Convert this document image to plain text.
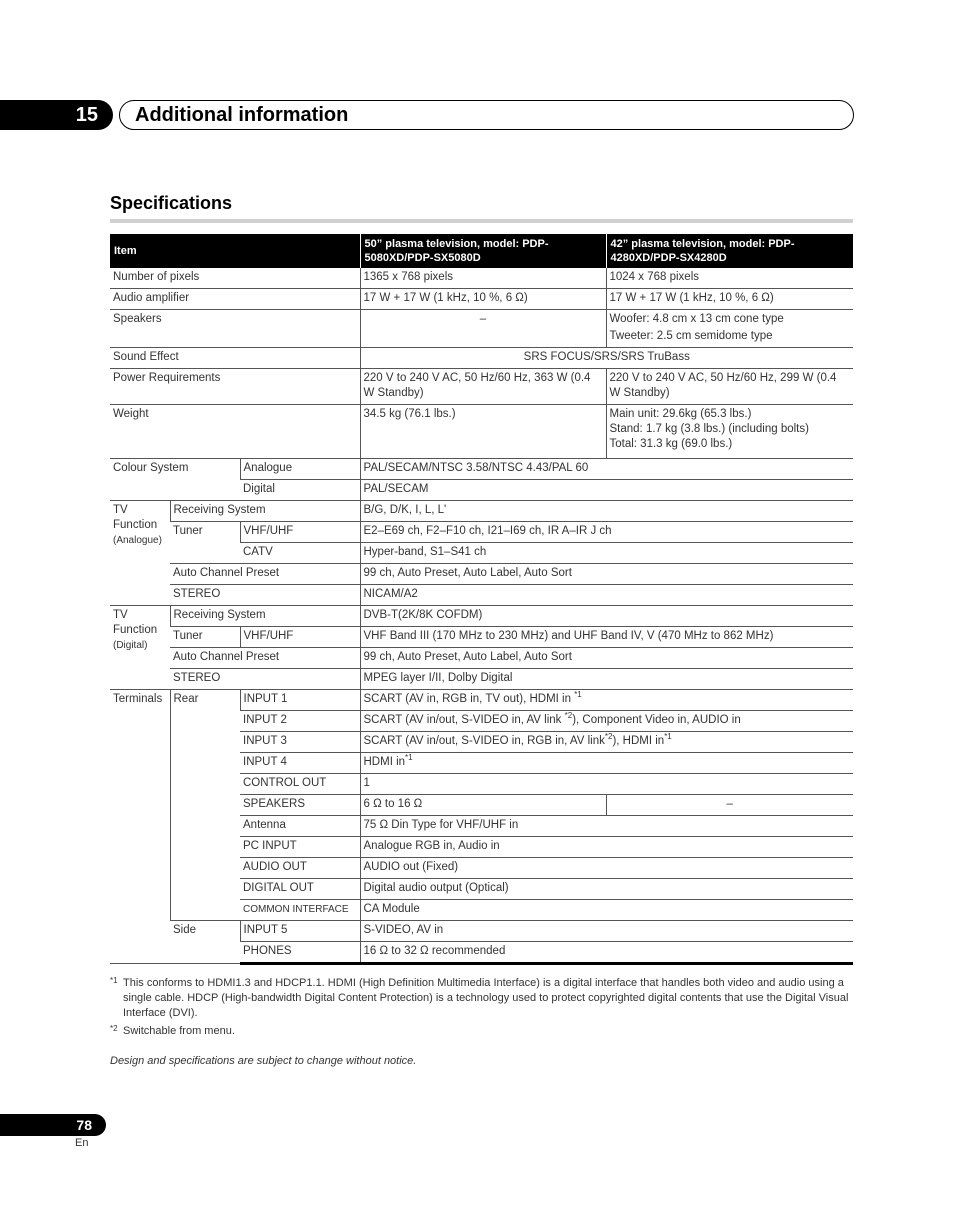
15	Additional information
Specifications
Item			50” plasma television, model: PDP-5080XD/PDP-SX5080D	42” plasma television, model: PDP-4280XD/PDP-SX4280D
Number of pixels			1365 x 768 pixels	1024 x 768 pixels
Audio amplifier			17 W + 17 W (1 kHz, 10 %, 6 Ω)	17 W + 17 W (1 kHz, 10 %, 6 Ω)
Speakers			–	Woofer: 4.8 cm x 13 cm cone type
Tweeter: 2.5 cm semidome type

Sound Effect			SRS FOCUS/SRS/SRS TruBass	
Power Requirements			220 V to 240 V AC, 50 Hz/60 Hz, 363 W (0.4 W Standby)	220 V to 240 V AC, 50 Hz/60 Hz, 299 W (0.4 W Standby)
Weight			34.5 kg (76.1 lbs.)	Main unit: 29.6kg (65.3 lbs.)
Stand: 1.7 kg (3.8 lbs.) (including bolts)
Total: 31.3 kg (69.0 lbs.)

Colour System		Analogue	PAL/SECAM/NTSC 3.58/NTSC 4.43/PAL 60	
		Digital	PAL/SECAM	

TV
Function
(Analogue)	Receiving System		B/G, D/K, I, L, L'	
	Tuner	VHF/UHF	E2–E69 ch, F2–F10 ch, I21–I69 ch, IR A–IR J ch	
		CATV	Hyper-band, S1–S41 ch	
	Auto Channel Preset		99 ch, Auto Preset, Auto Label, Auto Sort	
	STEREO		NICAM/A2	

TV
Function
(Digital)	Receiving System		DVB-T(2K/8K COFDM)	
	Tuner	VHF/UHF	VHF Band III (170 MHz to 230 MHz) and UHF Band IV, V (470 MHz to 862 MHz)	
	Auto Channel Preset		99 ch, Auto Preset, Auto Label, Auto Sort	
	STEREO		MPEG layer I/II, Dolby Digital	
Terminals	Rear	INPUT 1	SCART (AV in, RGB in, TV out), HDMI in $^{*1}$
		INPUT 2	SCART (AV in/out, S-VIDEO in, AV link $^{*2}$), Component Video in, AUDIO in	
		INPUT 3	SCART (AV in/out, S-VIDEO in, RGB in, AV link$^{*2}$), HDMI $in^{*1}$
		INPUT 4	HDMI $in^{*1}$
		CONTROL OUT	1	
		SPEAKERS	6 Ω to 16 Ω	–
		Antenna	75 Ω Din Type for VHF/UHF in	
		PC INPUT	Analogue RGB in, Audio in	
		AUDIO OUT	AUDIO out (Fixed)	
		DIGITAL OUT	Digital audio output (Optical)	
		COMMON INTERFACE	CA Module	
	Side	INPUT 5	S-VIDEO, AV in	
		PHONES	16 Ω to 32 Ω recommended	
*1 This conforms to HDMI1.3 and HDCP1.1. HDMI (High Definition Multimedia Interface) is a digital interface that handles both video and audio using a single cable. HDCP (High-bandwidth Digital Content Protection) is a technology used to protect copyrighted digital contents that use the Digital Visual Interface (DVI).
*2 Switchable from menu.
Design and specifications are subject to change without notice.
78
En
